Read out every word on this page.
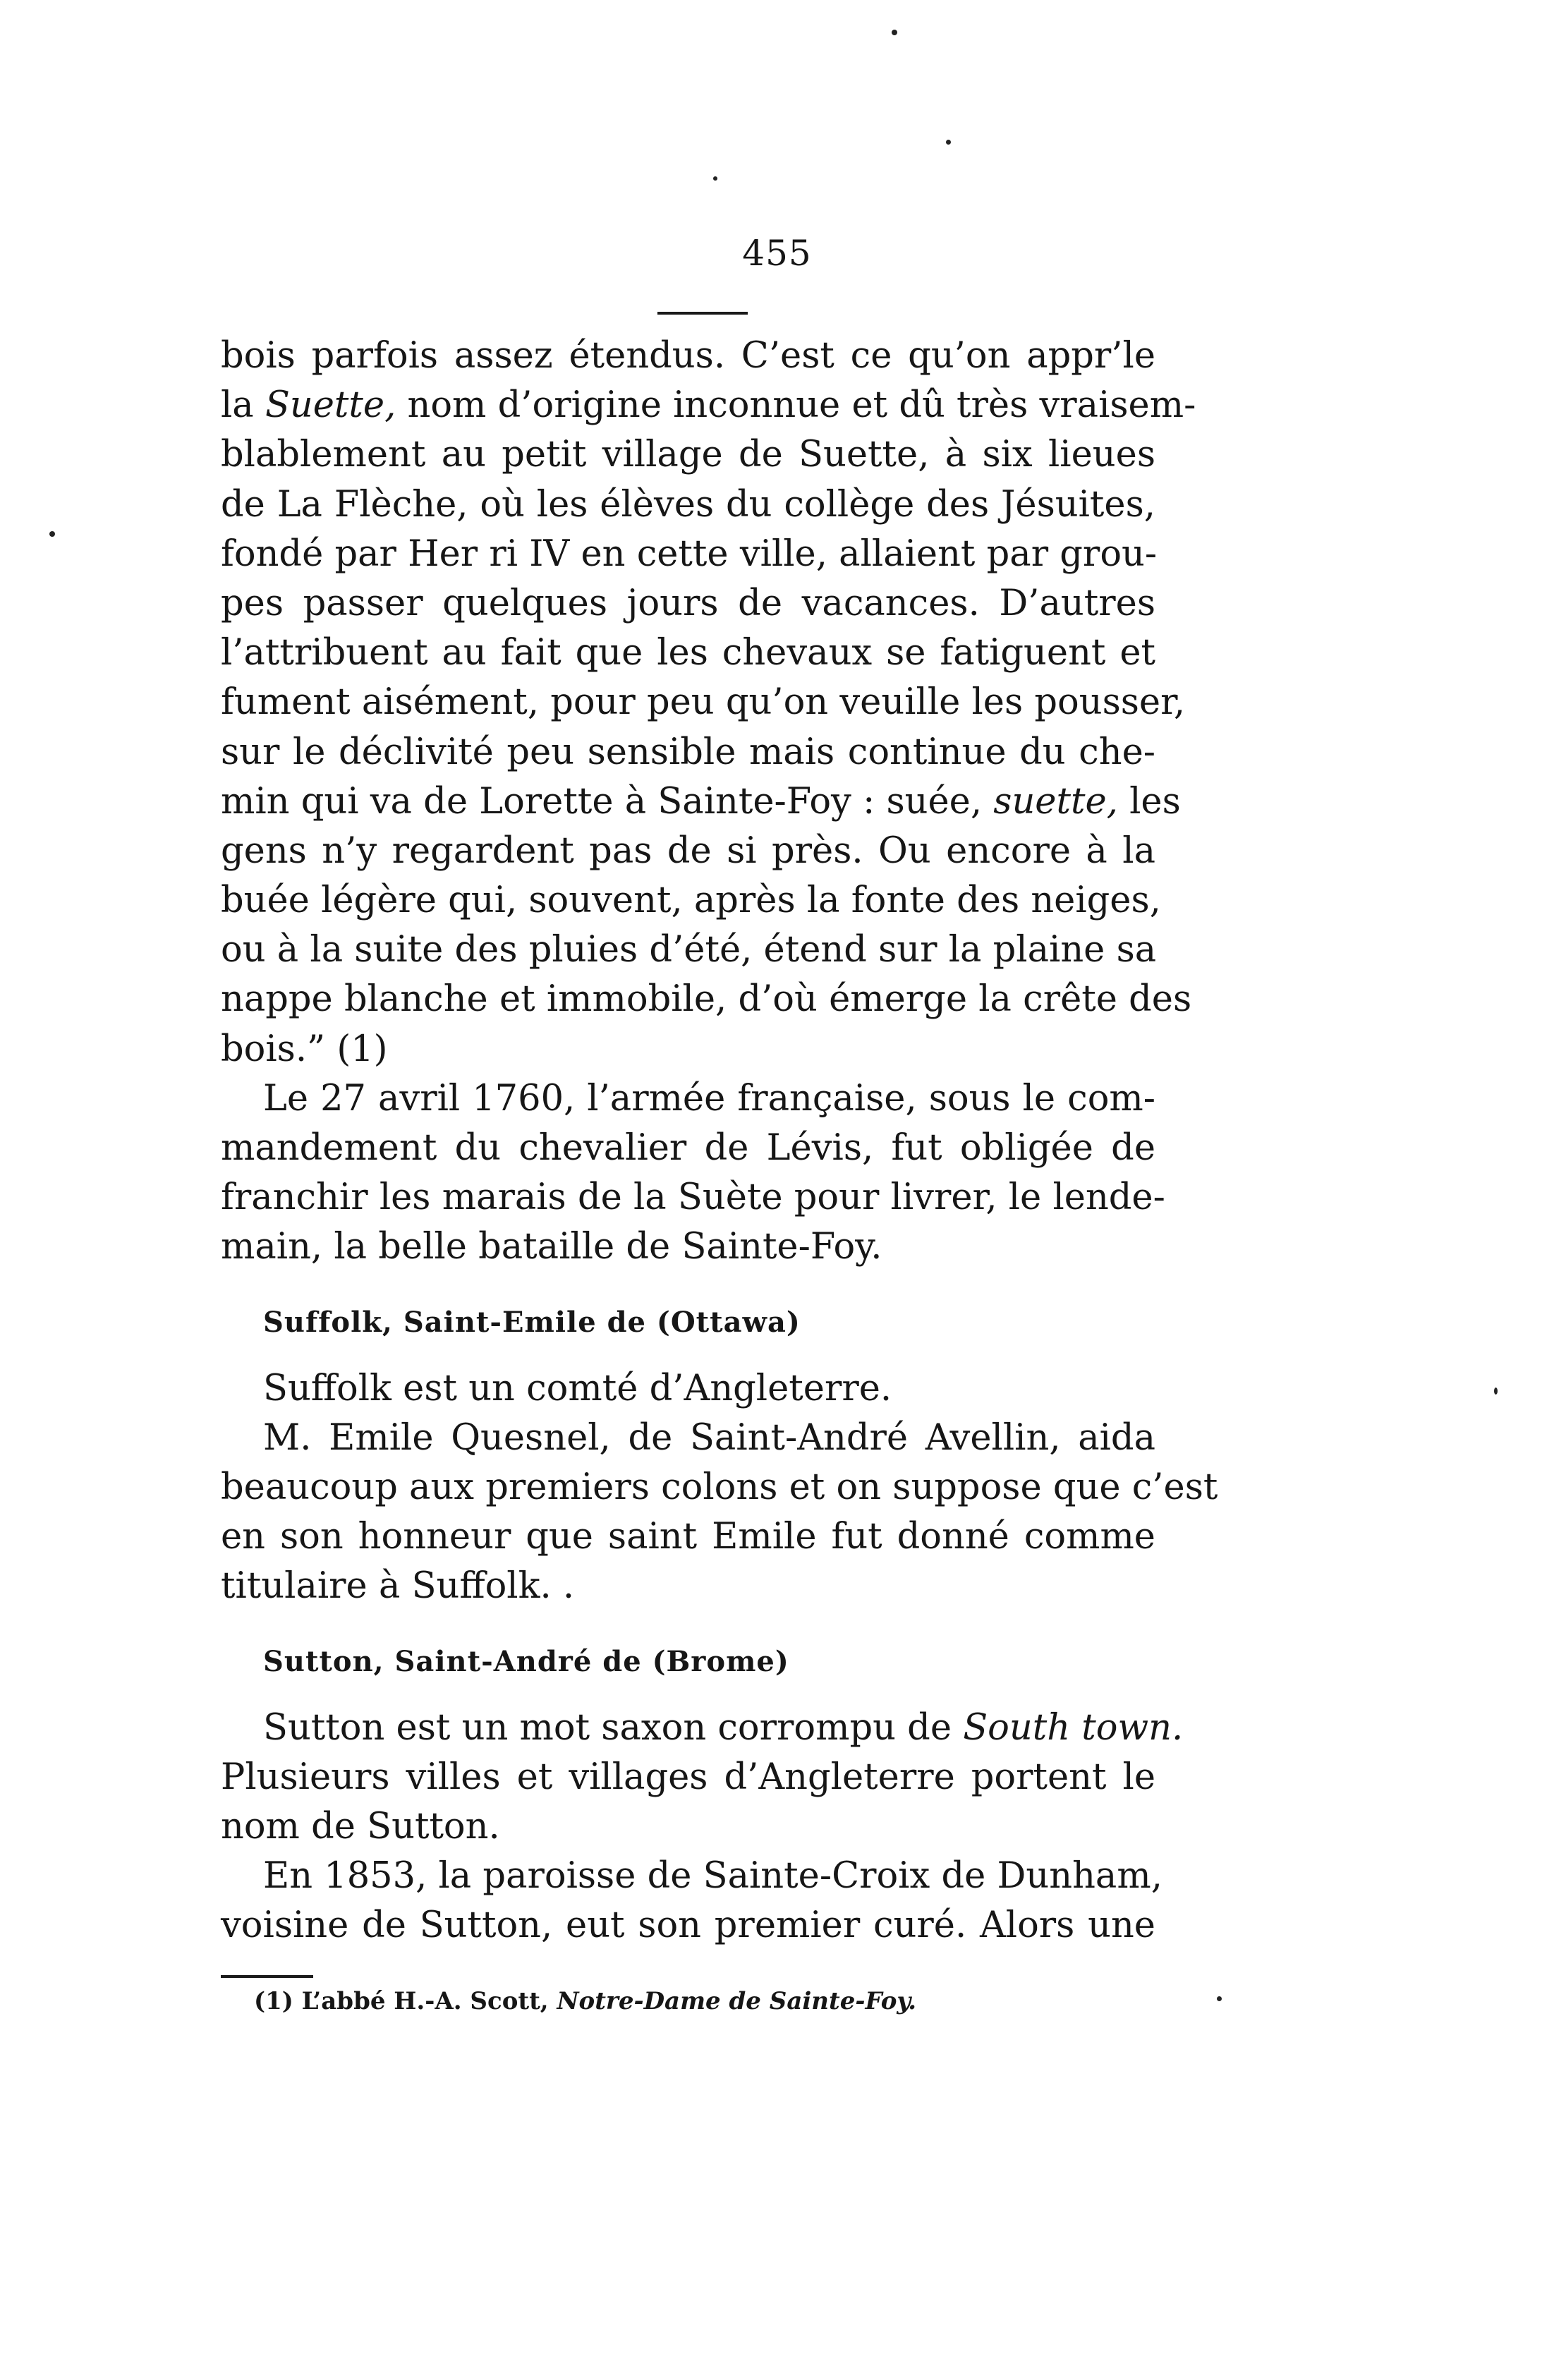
455
bois parfois assez étendus. C’est ce qu’on appr’le
la Suette, nom d’origine inconnue et dû très vraisem-
blablement au petit village de Suette, à six lieues
de La Flèche, où les élèves du collège des Jésuites,
fondé par Her ri IV en cette ville, allaient par grou-
pes passer quelques jours de vacances. D’autres
l’attribuent au fait que les chevaux se fatiguent et
fument aisément, pour peu qu’on veuille les pousser,
sur le déclivité peu sensible mais continue du che-
min qui va de Lorette à Sainte-Foy : suée, suette, les
gens n’y regardent pas de si près. Ou encore à la
buée légère qui, souvent, après la fonte des neiges,
ou à la suite des pluies d’été, étend sur la plaine sa
nappe blanche et immobile, d’où émerge la crête des
bois.” (1)
Le 27 avril 1760, l’armée française, sous le com-
mandement du chevalier de Lévis, fut obligée de
franchir les marais de la Suète pour livrer, le lende-
main, la belle bataille de Sainte-Foy.
Suffolk, Saint-Emile de (Ottawa)
Suffolk est un comté d’Angleterre.
M. Emile Quesnel, de Saint-André Avellin, aida
beaucoup aux premiers colons et on suppose que c’est
en son honneur que saint Emile fut donné comme
titulaire à Suffolk. .
Sutton, Saint-André de (Brome)
Sutton est un mot saxon corrompu de South town.
Plusieurs villes et villages d’Angleterre portent le
nom de Sutton.
En 1853, la paroisse de Sainte-Croix de Dunham,
voisine de Sutton, eut son premier curé. Alors une
(1) L’abbé H.-A. Scott, Notre-Dame de Sainte-Foy.
